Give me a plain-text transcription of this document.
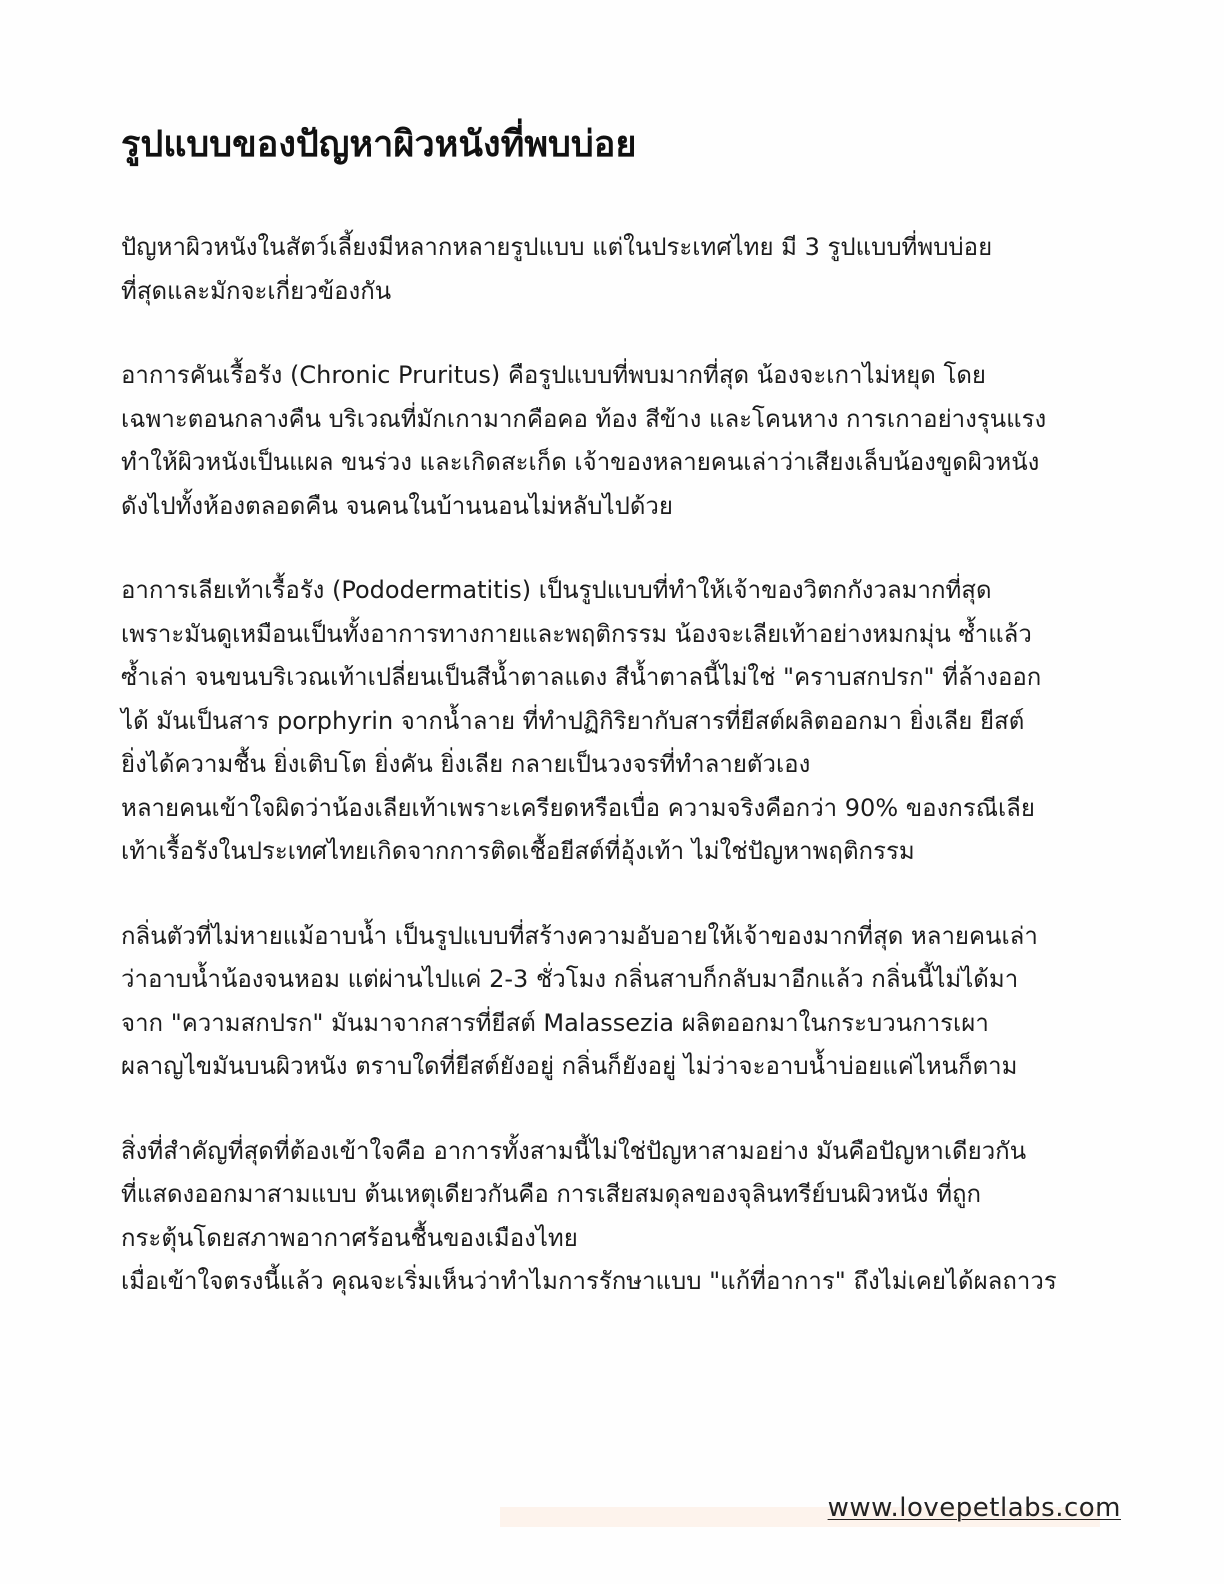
รูปแบบของปัญหาผิวหนังที่พบบ่อย
ปัญหาผิวหนังในสัตว์เลี้ยงมีหลากหลายรูปแบบ แต่ในประเทศไทย มี 3 รูปแบบที่พบบ่อย
ที่สุดและมักจะเกี่ยวข้องกัน
อาการคันเรื้อรัง (Chronic Pruritus) คือรูปแบบที่พบมากที่สุด น้องจะเกาไม่หยุด โดย
เฉพาะตอนกลางคืน บริเวณที่มักเกามากคือคอ ท้อง สีข้าง และโคนหาง การเกาอย่างรุนแรง
ทำให้ผิวหนังเป็นแผล ขนร่วง และเกิดสะเก็ด เจ้าของหลายคนเล่าว่าเสียงเล็บน้องขูดผิวหนัง
ดังไปทั้งห้องตลอดคืน จนคนในบ้านนอนไม่หลับไปด้วย
อาการเลียเท้าเรื้อรัง (Pododermatitis) เป็นรูปแบบที่ทำให้เจ้าของวิตกกังวลมากที่สุด
เพราะมันดูเหมือนเป็นทั้งอาการทางกายและพฤติกรรม น้องจะเลียเท้าอย่างหมกมุ่น ซ้ำแล้ว
ซ้ำเล่า จนขนบริเวณเท้าเปลี่ยนเป็นสีน้ำตาลแดง สีน้ำตาลนี้ไม่ใช่ "คราบสกปรก" ที่ล้างออก
ได้ มันเป็นสาร porphyrin จากน้ำลาย ที่ทำปฏิกิริยากับสารที่ยีสต์ผลิตออกมา ยิ่งเลีย ยีสต์
ยิ่งได้ความชื้น ยิ่งเติบโต ยิ่งคัน ยิ่งเลีย กลายเป็นวงจรที่ทำลายตัวเอง
หลายคนเข้าใจผิดว่าน้องเลียเท้าเพราะเครียดหรือเบื่อ ความจริงคือกว่า 90% ของกรณีเลีย
เท้าเรื้อรังในประเทศไทยเกิดจากการติดเชื้อยีสต์ที่อุ้งเท้า ไม่ใช่ปัญหาพฤติกรรม
กลิ่นตัวที่ไม่หายแม้อาบน้ำ เป็นรูปแบบที่สร้างความอับอายให้เจ้าของมากที่สุด หลายคนเล่า
ว่าอาบน้ำน้องจนหอม แต่ผ่านไปแค่ 2-3 ชั่วโมง กลิ่นสาบก็กลับมาอีกแล้ว กลิ่นนี้ไม่ได้มา
จาก "ความสกปรก" มันมาจากสารที่ยีสต์ Malassezia ผลิตออกมาในกระบวนการเผา
ผลาญไขมันบนผิวหนัง ตราบใดที่ยีสต์ยังอยู่ กลิ่นก็ยังอยู่ ไม่ว่าจะอาบน้ำบ่อยแค่ไหนก็ตาม
สิ่งที่สำคัญที่สุดที่ต้องเข้าใจคือ อาการทั้งสามนี้ไม่ใช่ปัญหาสามอย่าง มันคือปัญหาเดียวกัน
ที่แสดงออกมาสามแบบ ต้นเหตุเดียวกันคือ การเสียสมดุลของจุลินทรีย์บนผิวหนัง ที่ถูก
กระตุ้นโดยสภาพอากาศร้อนชื้นของเมืองไทย
เมื่อเข้าใจตรงนี้แล้ว คุณจะเริ่มเห็นว่าทำไมการรักษาแบบ "แก้ที่อาการ" ถึงไม่เคยได้ผลถาวร
www.lovepetlabs.com
